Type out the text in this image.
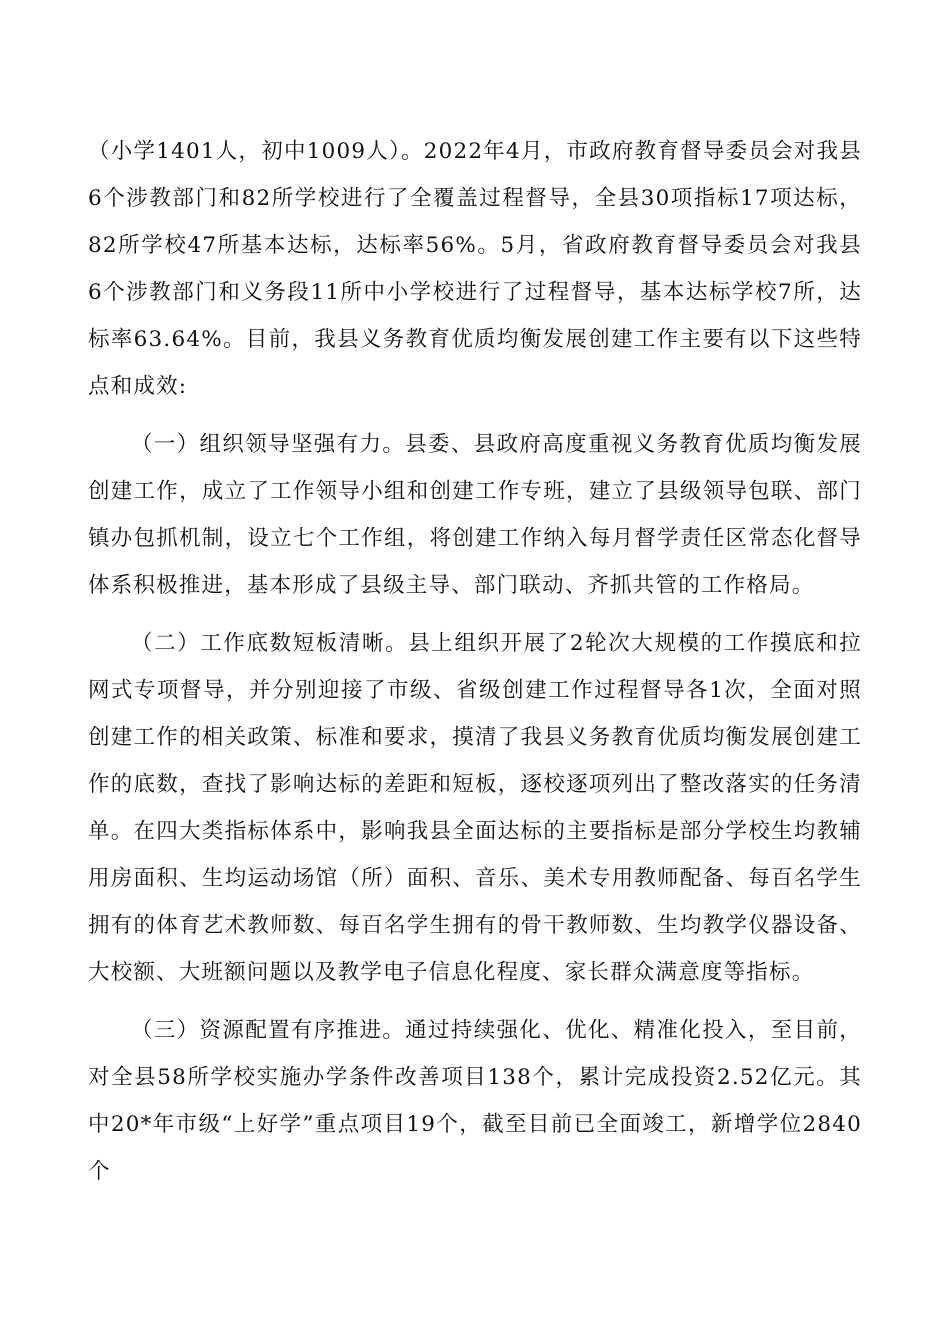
（小学1401人，初中1009人）。2022年4月，市政府教育督导委员会对我县6个涉教部门和82所学校进行了全覆盖过程督导，全县30项指标17项达标，82所学校47所基本达标，达标率56%。5月，省政府教育督导委员会对我县6个涉教部门和义务段11所中小学校进行了过程督导，基本达标学校7所，达标率63.64%。目前，我县义务教育优质均衡发展创建工作主要有以下这些特点和成效:

（一）组织领导坚强有力。县委、县政府高度重视义务教育优质均衡发展创建工作，成立了工作领导小组和创建工作专班，建立了县级领导包联、部门镇办包抓机制，设立七个工作组，将创建工作纳入每月督学责任区常态化督导体系积极推进，基本形成了县级主导、部门联动、齐抓共管的工作格局。

（二）工作底数短板清晰。县上组织开展了2轮次大规模的工作摸底和拉网式专项督导，并分别迎接了市级、省级创建工作过程督导各1次，全面对照创建工作的相关政策、标准和要求，摸清了我县义务教育优质均衡发展创建工作的底数，查找了影响达标的差距和短板，逐校逐项列出了整改落实的任务清单。在四大类指标体系中，影响我县全面达标的主要指标是部分学校生均教辅用房面积、生均运动场馆（所）面积、音乐、美术专用教师配备、每百名学生拥有的体育艺术教师数、每百名学生拥有的骨干教师数、生均教学仪器设备、大校额、大班额问题以及教学电子信息化程度、家长群众满意度等指标。

（三）资源配置有序推进。通过持续强化、优化、精准化投入，至目前，对全县58所学校实施办学条件改善项目138个，累计完成投资2.52亿元。其中20*年市级“上好学”重点项目19个，截至目前已全面竣工，新增学位2840个
